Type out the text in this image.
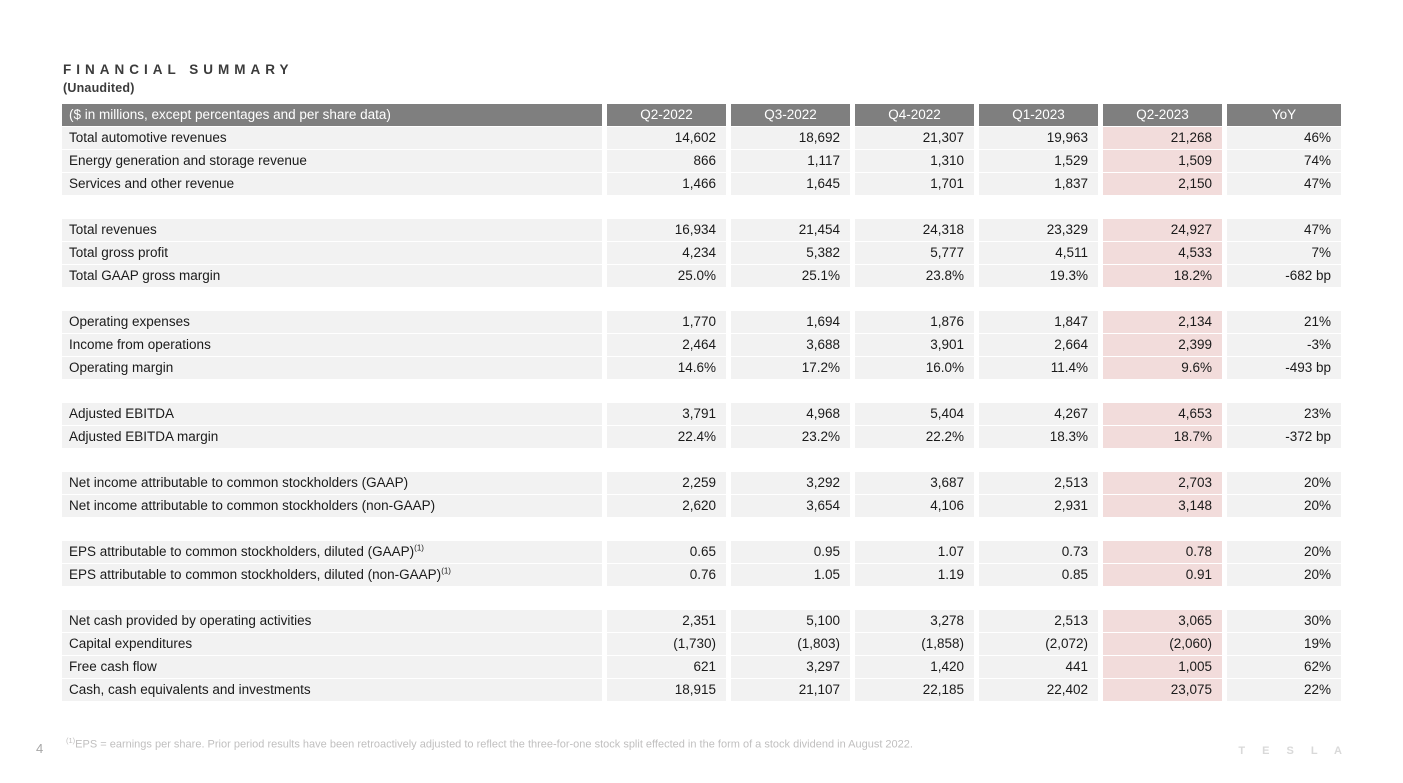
FINANCIAL SUMMARY
(Unaudited)
($ in millions, except percentages and per share data)	Q2-2022	Q3-2022	Q4-2022	Q1-2023	Q2-2023	YoY
Total automotive revenues	14,602	18,692	21,307	19,963	21,268	46%
Energy generation and storage revenue	866	1,117	1,310	1,529	1,509	74%
Services and other revenue	1,466	1,645	1,701	1,837	2,150	47%
Total revenues	16,934	21,454	24,318	23,329	24,927	47%
Total gross profit	4,234	5,382	5,777	4,511	4,533	7%
Total GAAP gross margin	25.0%	25.1%	23.8%	19.3%	18.2%	-682 bp
Operating expenses	1,770	1,694	1,876	1,847	2,134	21%
Income from operations	2,464	3,688	3,901	2,664	2,399	-3%
Operating margin	14.6%	17.2%	16.0%	11.4%	9.6%	-493 bp
Adjusted EBITDA	3,791	4,968	5,404	4,267	4,653	23%
Adjusted EBITDA margin	22.4%	23.2%	22.2%	18.3%	18.7%	-372 bp
Net income attributable to common stockholders (GAAP)	2,259	3,292	3,687	2,513	2,703	20%
Net income attributable to common stockholders (non-GAAP)	2,620	3,654	4,106	2,931	3,148	20%
EPS attributable to common stockholders, diluted (GAAP)$^{(1)}$	0.65	0.95	1.07	0.73	0.78	20%
EPS attributable to common stockholders, diluted (non-GAAP)$^{(1)}$	0.76	1.05	1.19	0.85	0.91	20%
Net cash provided by operating activities	2,351	5,100	3,278	2,513	3,065	30%
Capital expenditures	(1,730)	(1,803)	(1,858)	(2,072)	(2,060)	19%
Free cash flow	621	3,297	1,420	441	1,005	62%
Cash, cash equivalents and investments	18,915	21,107	22,185	22,402	23,075	22%
$^{(1)}$EPS = earnings per share. Prior period results have been retroactively adjusted to reflect the three-for-one stock split effected in the form of a stock dividend in August 2022.
4	T E S L A
